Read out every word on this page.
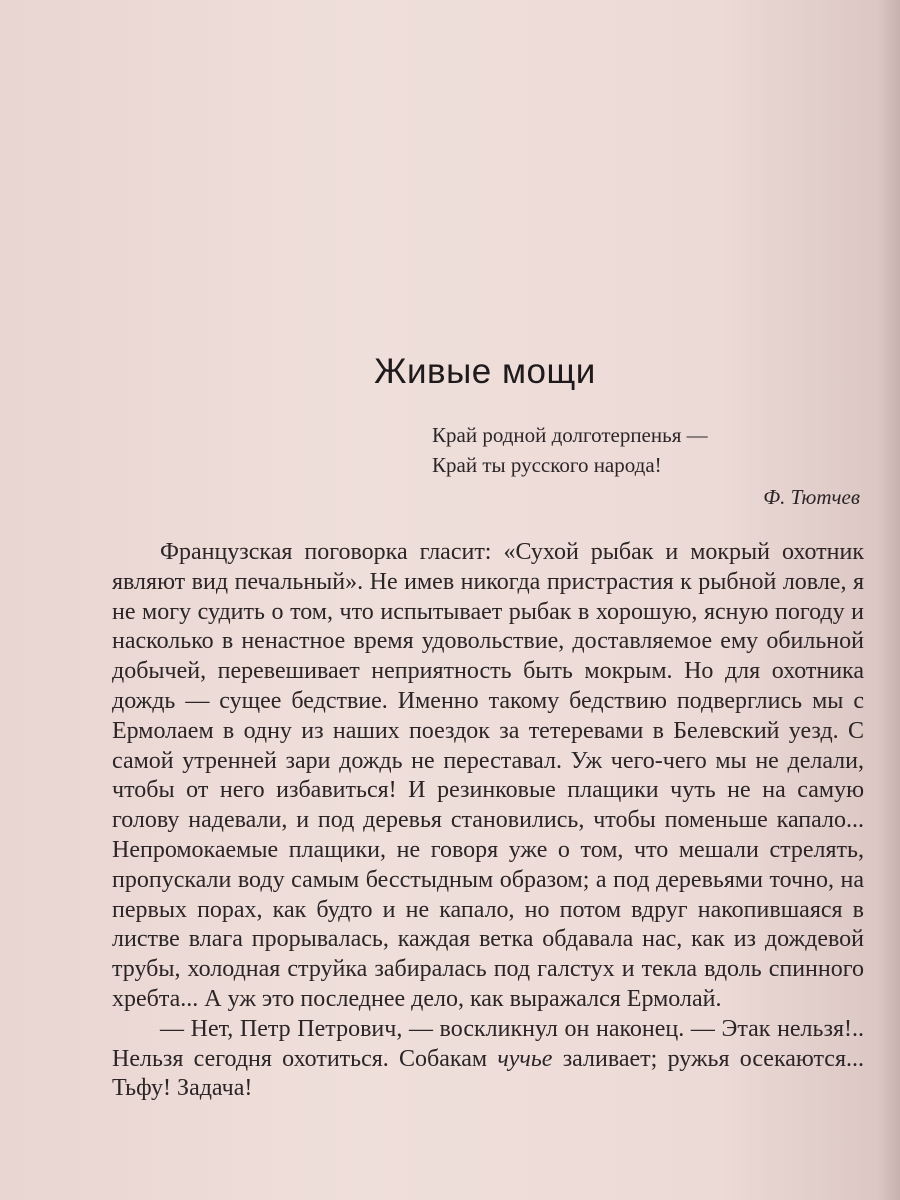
Живые мощи
Край родной долготерпенья —
Край ты русского народа!
Ф. Тютчев

Французская поговорка гласит: «Сухой рыбак и мокрый охотник являют вид печальный». Не имев никогда пристрастия к рыбной ловле, я не могу судить о том, что испытывает рыбак в хорошую, ясную погоду и насколько в ненастное время удовольствие, доставляемое ему обильной добычей, перевешивает неприятность быть мокрым. Но для охотника дождь — сущее бедствие. Именно такому бедствию подверглись мы с Ермолаем в одну из наших поездок за тетеревами в Белевский уезд. С самой утренней зари дождь не переставал. Уж чего-чего мы не делали, чтобы от него избавиться! И резинковые плащики чуть не на самую голову надевали, и под деревья становились, чтобы поменьше капало... Непромокаемые плащики, не говоря уже о том, что мешали стрелять, пропускали воду самым бесстыдным образом; а под деревьями точно, на первых порах, как будто и не капало, но потом вдруг накопившаяся в листве влага прорывалась, каждая ветка обдавала нас, как из дождевой трубы, холодная струйка забиралась под галстух и текла вдоль спинного хребта... А уж это последнее дело, как выражался Ермолай.

— Нет, Петр Петрович, — воскликнул он наконец. — Этак нельзя!.. Нельзя сегодня охотиться. Собакам чучье заливает; ружья осекаются... Тьфу! Задача!
